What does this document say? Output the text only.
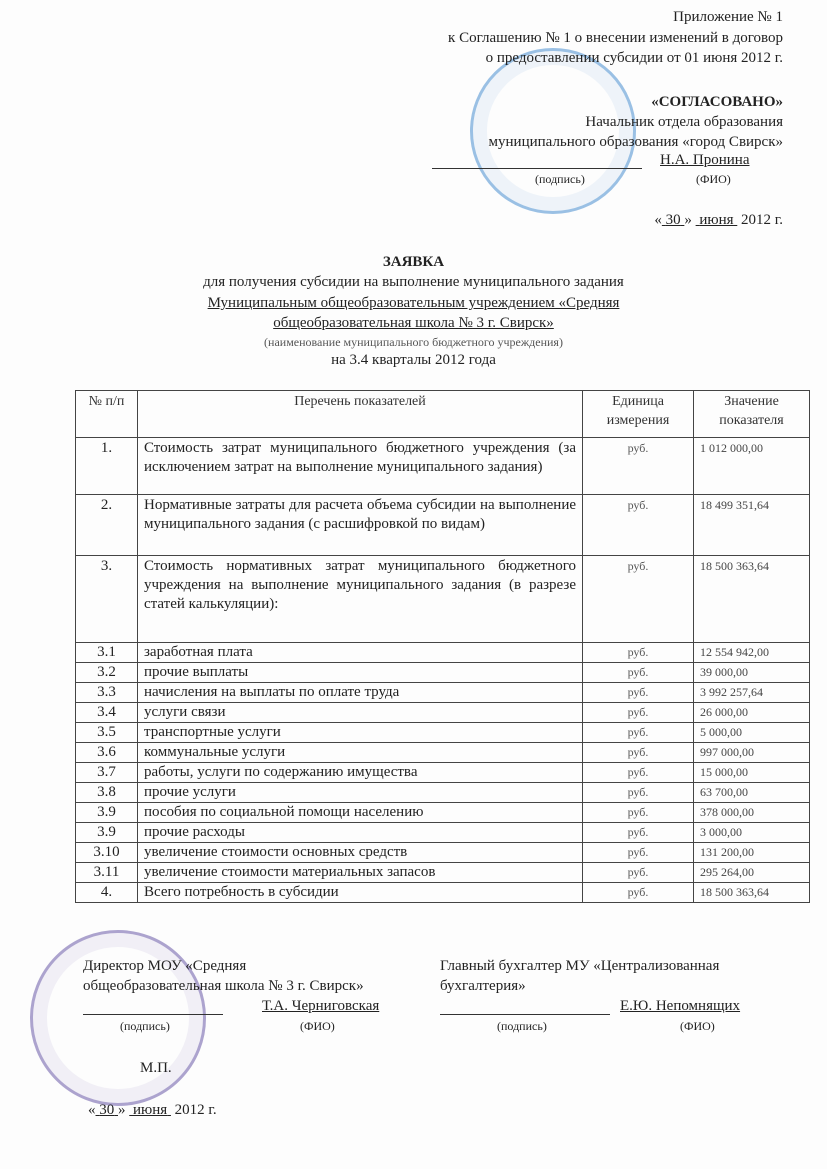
Приложение № 1
к Соглашению № 1 о внесении изменений в договор
о предоставлении субсидии от 01 июня 2012 г.
«СОГЛАСОВАНО»
Начальник отдела образования
муниципального образования «город Свирск»
Н.А. Пронина
(подпись)	(ФИО)
« 30 » июня 2012 г.
ЗАЯВКА
для получения субсидии на выполнение муниципального задания
Муниципальным общеобразовательным учреждением «Средняя
общеобразовательная школа № 3 г. Свирск»
(наименование муниципального бюджетного учреждения)
на 3.4 кварталы 2012 года
№ п/п	Перечень показателей	Единица измерения	Значение показателя
1.	Стоимость затрат муниципального бюджетного учреждения (за исключением затрат на выполнение муниципального задания)	руб.	1 012 000,00
2.	Нормативные затраты для расчета объема субсидии на выполнение муниципального задания (с расшифровкой по видам)	руб.	18 499 351,64
3.	Стоимость нормативных затрат муниципального бюджетного учреждения на выполнение муниципального задания (в разрезе статей калькуляции):	руб.	18 500 363,64
3.1	заработная плата	руб.	12 554 942,00
3.2	прочие выплаты	руб.	39 000,00
3.3	начисления на выплаты по оплате труда	руб.	3 992 257,64
3.4	услуги связи	руб.	26 000,00
3.5	транспортные услуги	руб.	5 000,00
3.6	коммунальные услуги	руб.	997 000,00
3.7	работы, услуги по содержанию имущества	руб.	15 000,00
3.8	прочие услуги	руб.	63 700,00
3.9	пособия по социальной помощи населению	руб.	378 000,00
3.9	прочие расходы	руб.	3 000,00
3.10	увеличение стоимости основных средств	руб.	131 200,00
3.11	увеличение стоимости материальных запасов	руб.	295 264,00
4.	Всего потребность в субсидии	руб.	18 500 363,64
Директор МОУ «Средняя
общеобразовательная школа № 3 г. Свирск»
Т.А. Черниговская
(подпись)	(ФИО)
М.П.
« 30 » июня 2012 г.
Главный бухгалтер МУ «Централизованная
бухгалтерия»
Е.Ю. Непомнящих
(подпись)	(ФИО)
